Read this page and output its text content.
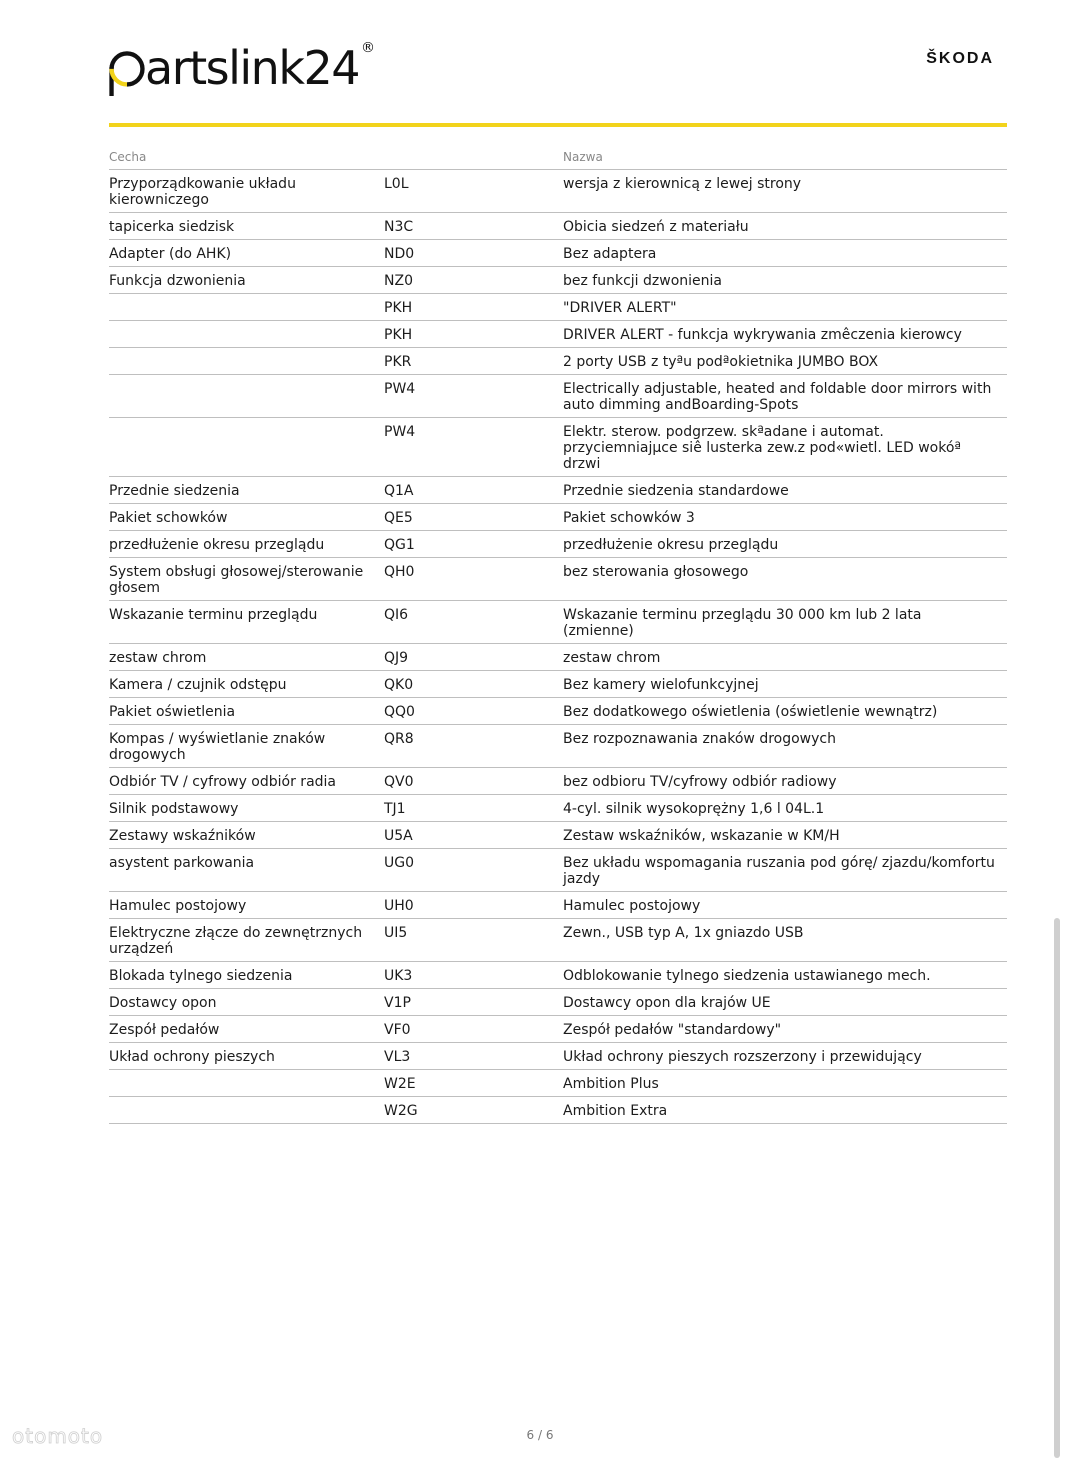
artslink24 ®
ŠKODA
Cecha		Nazwa
Przyporządkowanie układu kierowniczego	L0L	wersja z kierownicą z lewej strony
tapicerka siedzisk	N3C	Obicia siedzeń z materiału
Adapter (do AHK)	ND0	Bez adaptera
Funkcja dzwonienia	NZ0	bez funkcji dzwonienia
	PKH	"DRIVER ALERT"
	PKH	DRIVER ALERT - funkcja wykrywania zmêczenia kierowcy
	PKR	2 porty USB z tyªu podªokietnika JUMBO BOX
	PW4	Electrically adjustable, heated and foldable door mirrors with auto dimming andBoarding-Spots
	PW4	Elektr. sterow. podgrzew. skªadane i automat. przyciemniajµce siê lusterka zew.z pod«wietl. LED wokóª drzwi
Przednie siedzenia	Q1A	Przednie siedzenia standardowe
Pakiet schowków	QE5	Pakiet schowków 3
przedłużenie okresu przeglądu	QG1	przedłużenie okresu przeglądu
System obsługi głosowej/sterowanie głosem	QH0	bez sterowania głosowego
Wskazanie terminu przeglądu	QI6	Wskazanie terminu przeglądu 30 000 km lub 2 lata (zmienne)
zestaw chrom	QJ9	zestaw chrom
Kamera / czujnik odstępu	QK0	Bez kamery wielofunkcyjnej
Pakiet oświetlenia	QQ0	Bez dodatkowego oświetlenia (oświetlenie wewnątrz)
Kompas / wyświetlanie znaków drogowych	QR8	Bez rozpoznawania znaków drogowych
Odbiór TV / cyfrowy odbiór radia	QV0	bez odbioru TV/cyfrowy odbiór radiowy
Silnik podstawowy	TJ1	4-cyl. silnik wysokoprężny 1,6 l 04L.1
Zestawy wskaźników	U5A	Zestaw wskaźników, wskazanie w KM/H
asystent parkowania	UG0	Bez układu wspomagania ruszania pod górę/ zjazdu/komfortu jazdy
Hamulec postojowy	UH0	Hamulec postojowy
Elektryczne złącze do zewnętrznych urządzeń	UI5	Zewn., USB typ A, 1x gniazdo USB
Blokada tylnego siedzenia	UK3	Odblokowanie tylnego siedzenia ustawianego mech.
Dostawcy opon	V1P	Dostawcy opon dla krajów UE
Zespół pedałów	VF0	Zespół pedałów "standardowy"
Układ ochrony pieszych	VL3	Układ ochrony pieszych rozszerzony i przewidujący
	W2E	Ambition Plus
	W2G	Ambition Extra
otomoto	6 / 6
